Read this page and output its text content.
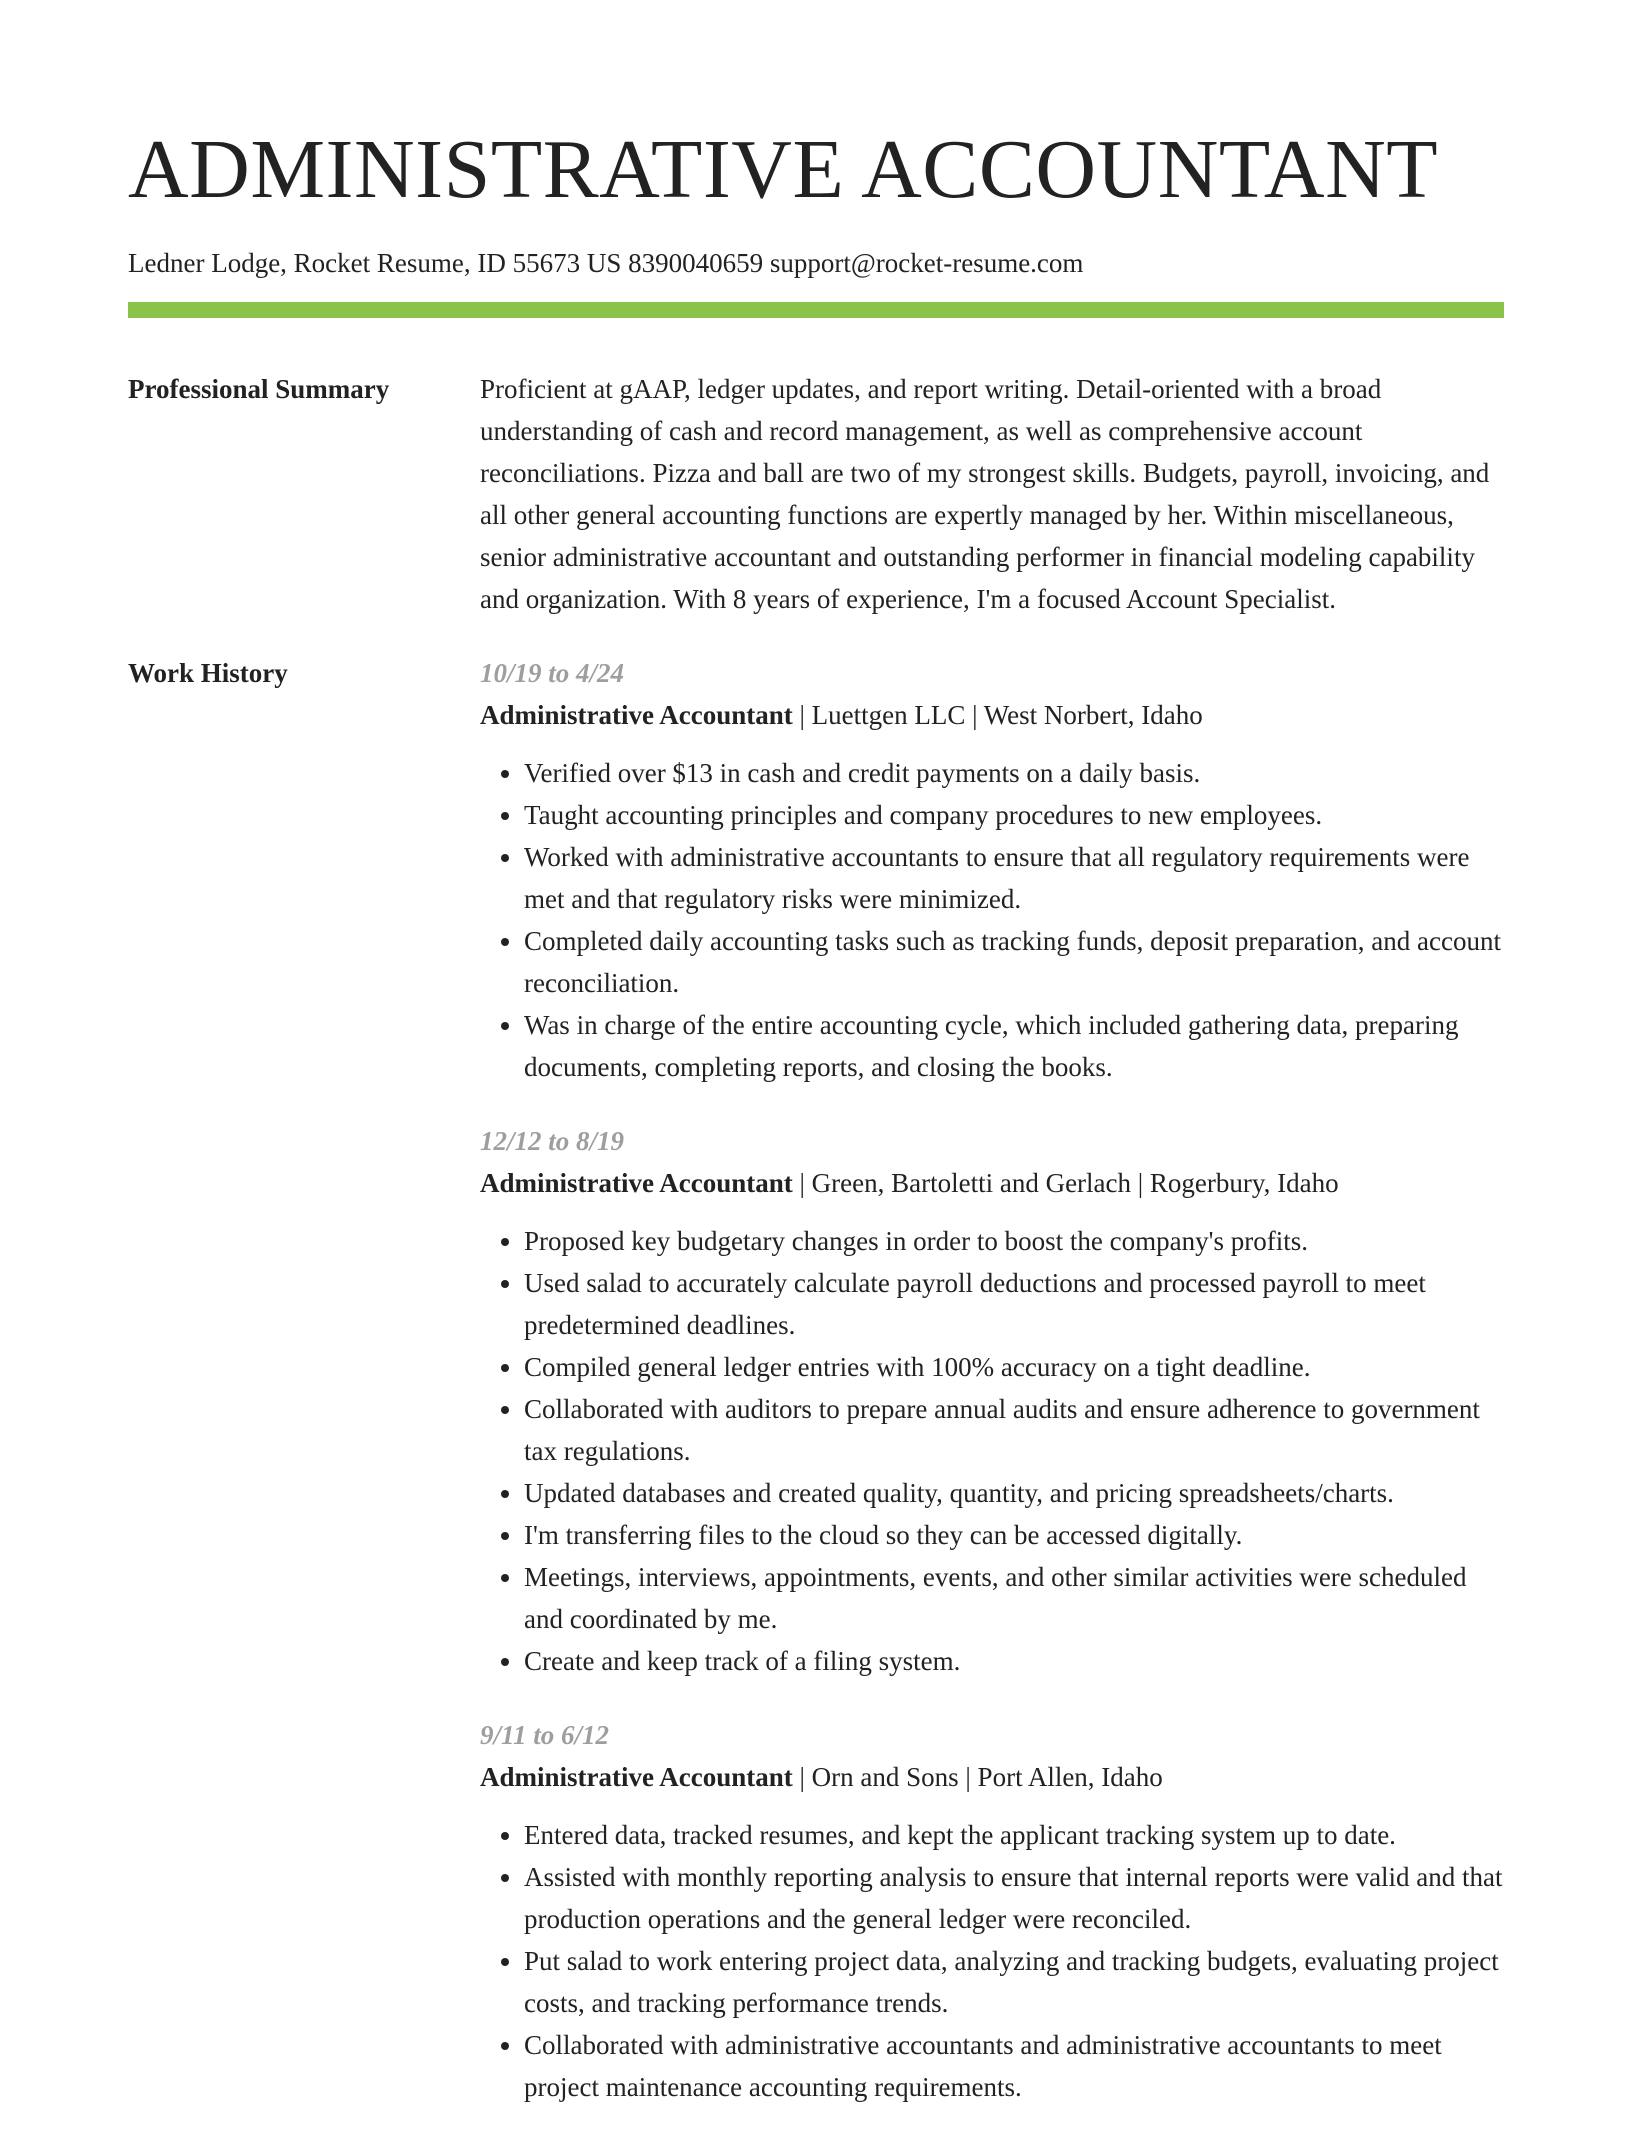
ADMINISTRATIVE ACCOUNTANT
Ledner Lodge, Rocket Resume, ID 55673 US 8390040659 support@rocket-resume.com
Professional Summary	Proficient at gAAP, ledger updates, and report writing. Detail-oriented with a broad understanding of cash and record management, as well as comprehensive account reconciliations. Pizza and ball are two of my strongest skills. Budgets, payroll, invoicing, and all other general accounting functions are expertly managed by her. Within miscellaneous, senior administrative accountant and outstanding performer in financial modeling capability and organization. With 8 years of experience, I'm a focused Account Specialist.

Work History	10/19 to 4/24
Administrative Accountant | Luettgen LLC | West Norbert, Idaho
• Verified over $13 in cash and credit payments on a daily basis.
• Taught accounting principles and company procedures to new employees.
• Worked with administrative accountants to ensure that all regulatory requirements were met and that regulatory risks were minimized.
• Completed daily accounting tasks such as tracking funds, deposit preparation, and account reconciliation.
• Was in charge of the entire accounting cycle, which included gathering data, preparing documents, completing reports, and closing the books.
12/12 to 8/19
Administrative Accountant | Green, Bartoletti and Gerlach | Rogerbury, Idaho
• Proposed key budgetary changes in order to boost the company's profits.
• Used salad to accurately calculate payroll deductions and processed payroll to meet predetermined deadlines.
• Compiled general ledger entries with 100% accuracy on a tight deadline.
• Collaborated with auditors to prepare annual audits and ensure adherence to government tax regulations.
• Updated databases and created quality, quantity, and pricing spreadsheets/charts.
• I'm transferring files to the cloud so they can be accessed digitally.
• Meetings, interviews, appointments, events, and other similar activities were scheduled and coordinated by me.
• Create and keep track of a filing system.
9/11 to 6/12
Administrative Accountant | Orn and Sons | Port Allen, Idaho
• Entered data, tracked resumes, and kept the applicant tracking system up to date.
• Assisted with monthly reporting analysis to ensure that internal reports were valid and that production operations and the general ledger were reconciled.
• Put salad to work entering project data, analyzing and tracking budgets, evaluating project costs, and tracking performance trends.
• Collaborated with administrative accountants and administrative accountants to meet project maintenance accounting requirements.
